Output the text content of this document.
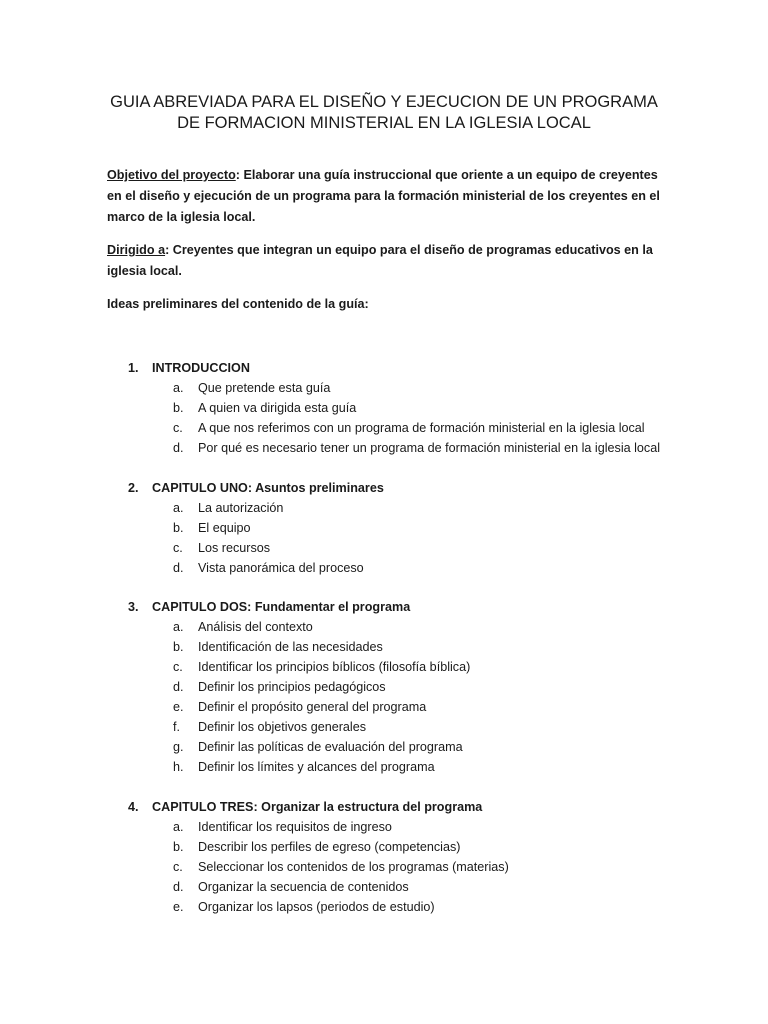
GUIA ABREVIADA PARA EL DISEÑO Y EJECUCION DE UN PROGRAMA
DE FORMACION MINISTERIAL EN LA IGLESIA LOCAL
Objetivo del proyecto: Elaborar una guía instruccional que oriente a un equipo de creyentes en el diseño y ejecución de un programa para la formación ministerial de los creyentes en el marco de la iglesia local.
Dirigido a: Creyentes que integran un equipo para el diseño de programas educativos en la iglesia local.
Ideas preliminares del contenido de la guía:
1. INTRODUCCION
a. Que pretende esta guía
b. A quien va dirigida esta guía
c. A que nos referimos con un programa de formación ministerial en la iglesia local
d. Por qué es necesario tener un programa de formación ministerial en la iglesia local
2. CAPITULO UNO: Asuntos preliminares
a. La autorización
b. El equipo
c. Los recursos
d. Vista panorámica del proceso
3. CAPITULO DOS: Fundamentar el programa
a. Análisis del contexto
b. Identificación de las necesidades
c. Identificar los principios bíblicos (filosofía bíblica)
d. Definir los principios pedagógicos
e. Definir el propósito general del programa
f. Definir los objetivos generales
g. Definir las políticas de evaluación del programa
h. Definir los límites y alcances del programa
4. CAPITULO TRES: Organizar la estructura del programa
a. Identificar los requisitos de ingreso
b. Describir los perfiles de egreso (competencias)
c. Seleccionar los contenidos de los programas (materias)
d. Organizar la secuencia de contenidos
e. Organizar los lapsos (periodos de estudio)
